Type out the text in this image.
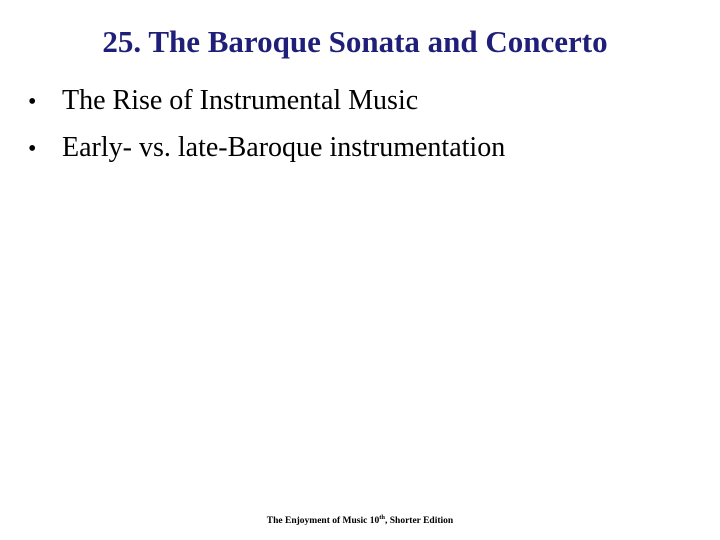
25. The Baroque Sonata and Concerto
• The Rise of Instrumental Music
• Early- vs. late-Baroque instrumentation
The Enjoyment of Music 10th, Shorter Edition
